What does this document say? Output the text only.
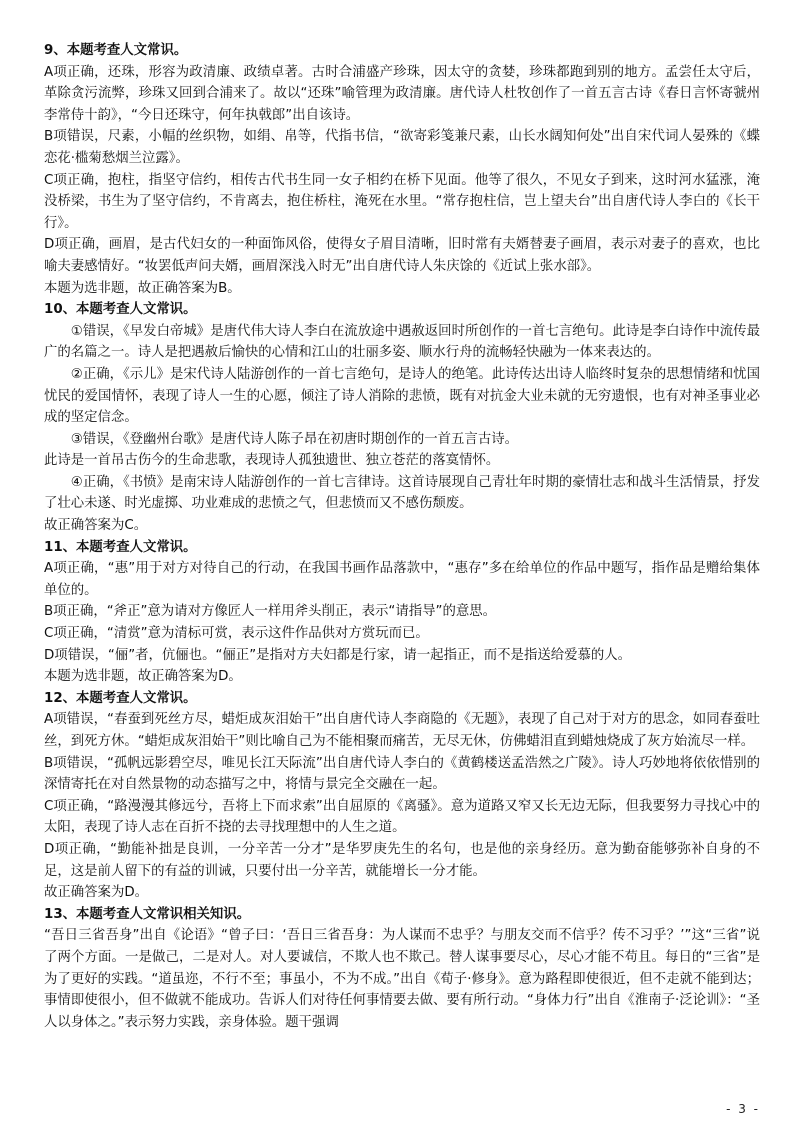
9、本题考查人文常识。

A项正确，还珠，形容为政清廉、政绩卓著。古时合浦盛产珍珠，因太守的贪婪，珍珠都跑到别的地方。孟尝任太守后，革除贪污流弊，珍珠又回到合浦来了。故以“还珠”喻管理为政清廉。唐代诗人杜牧创作了一首五言古诗《春日言怀寄虢州李常侍十韵》，“今日还珠守，何年执戟郎”出自该诗。

B项错误，尺素，小幅的丝织物，如绢、帛等，代指书信，“欲寄彩笺兼尺素，山长水阔知何处”出自宋代词人晏殊的《蝶恋花·槛菊愁烟兰泣露》。

C项正确，抱柱，指坚守信约，相传古代书生同一女子相约在桥下见面。他等了很久，不见女子到来，这时河水猛涨，淹没桥梁，书生为了坚守信约，不肯离去，抱住桥柱，淹死在水里。“常存抱柱信，岂上望夫台”出自唐代诗人李白的《长干行》。

D项正确，画眉，是古代妇女的一种面饰风俗，使得女子眉目清晰，旧时常有夫婿替妻子画眉，表示对妻子的喜欢，也比喻夫妻感情好。“妆罢低声问夫婿，画眉深浅入时无”出自唐代诗人朱庆馀的《近试上张水部》。

本题为选非题，故正确答案为B。

10、本题考查人文常识。

①错误，《早发白帝城》是唐代伟大诗人李白在流放途中遇赦返回时所创作的一首七言绝句。此诗是李白诗作中流传最广的名篇之一。诗人是把遇赦后愉快的心情和江山的壮丽多姿、顺水行舟的流畅轻快融为一体来表达的。

②正确，《示儿》是宋代诗人陆游创作的一首七言绝句，是诗人的绝笔。此诗传达出诗人临终时复杂的思想情绪和忧国忧民的爱国情怀，表现了诗人一生的心愿，倾注了诗人消除的悲愤，既有对抗金大业未就的无穷遗恨，也有对神圣事业必成的坚定信念。

③错误，《登幽州台歌》是唐代诗人陈子昂在初唐时期创作的一首五言古诗。

此诗是一首吊古伤今的生命悲歌，表现诗人孤独遗世、独立苍茫的落寞情怀。

④正确，《书愤》是南宋诗人陆游创作的一首七言律诗。这首诗展现自己青壮年时期的豪情壮志和战斗生活情景，抒发了壮心未遂、时光虚掷、功业难成的悲愤之气，但悲愤而又不感伤颓废。

故正确答案为C。

11、本题考查人文常识。

A项正确，“惠”用于对方对待自己的行动，在我国书画作品落款中，“惠存”多在给单位的作品中题写，指作品是赠给集体单位的。

B项正确，“斧正”意为请对方像匠人一样用斧头削正，表示“请指导”的意思。

C项正确，“清赏”意为清标可赏，表示这件作品供对方赏玩而已。

D项错误，“俪”者，伉俪也。“俪正”是指对方夫妇都是行家，请一起指正，而不是指送给爱慕的人。

本题为选非题，故正确答案为D。

12、本题考查人文常识。

A项错误，“春蚕到死丝方尽，蜡炬成灰泪始干”出自唐代诗人李商隐的《无题》，表现了自己对于对方的思念，如同春蚕吐丝，到死方休。“蜡炬成灰泪始干”则比喻自己为不能相聚而痛苦，无尽无休，仿佛蜡泪直到蜡烛烧成了灰方始流尽一样。

B项错误，“孤帆远影碧空尽，唯见长江天际流”出自唐代诗人李白的《黄鹤楼送孟浩然之广陵》。诗人巧妙地将依依惜别的深情寄托在对自然景物的动态描写之中，将情与景完全交融在一起。

C项正确，“路漫漫其修远兮，吾将上下而求索”出自屈原的《离骚》。意为道路又窄又长无边无际，但我要努力寻找心中的太阳，表现了诗人志在百折不挠的去寻找理想中的人生之道。

D项正确，“勤能补拙是良训，一分辛苦一分才”是华罗庚先生的名句，也是他的亲身经历。意为勤奋能够弥补自身的不足，这是前人留下的有益的训诫，只要付出一分辛苦，就能增长一分才能。

故正确答案为D。

13、本题考查人文常识相关知识。

“吾日三省吾身”出自《论语》“曾子曰：‘吾日三省吾身：为人谋而不忠乎？与朋友交而不信乎？传不习乎？’”这“三省”说了两个方面。一是做己，二是对人。对人要诚信，不欺人也不欺己。替人谋事要尽心，尽心才能不苟且。每日的“三省”是为了更好的实践。“道虽迩，不行不至；事虽小，不为不成。”出自《荀子·修身》。意为路程即使很近，但不走就不能到达；事情即使很小，但不做就不能成功。告诉人们对待任何事情要去做、要有所行动。“身体力行”出自《淮南子·泛论训》：“圣人以身体之。”表示努力实践，亲身体验。题干强调

- 3 -
